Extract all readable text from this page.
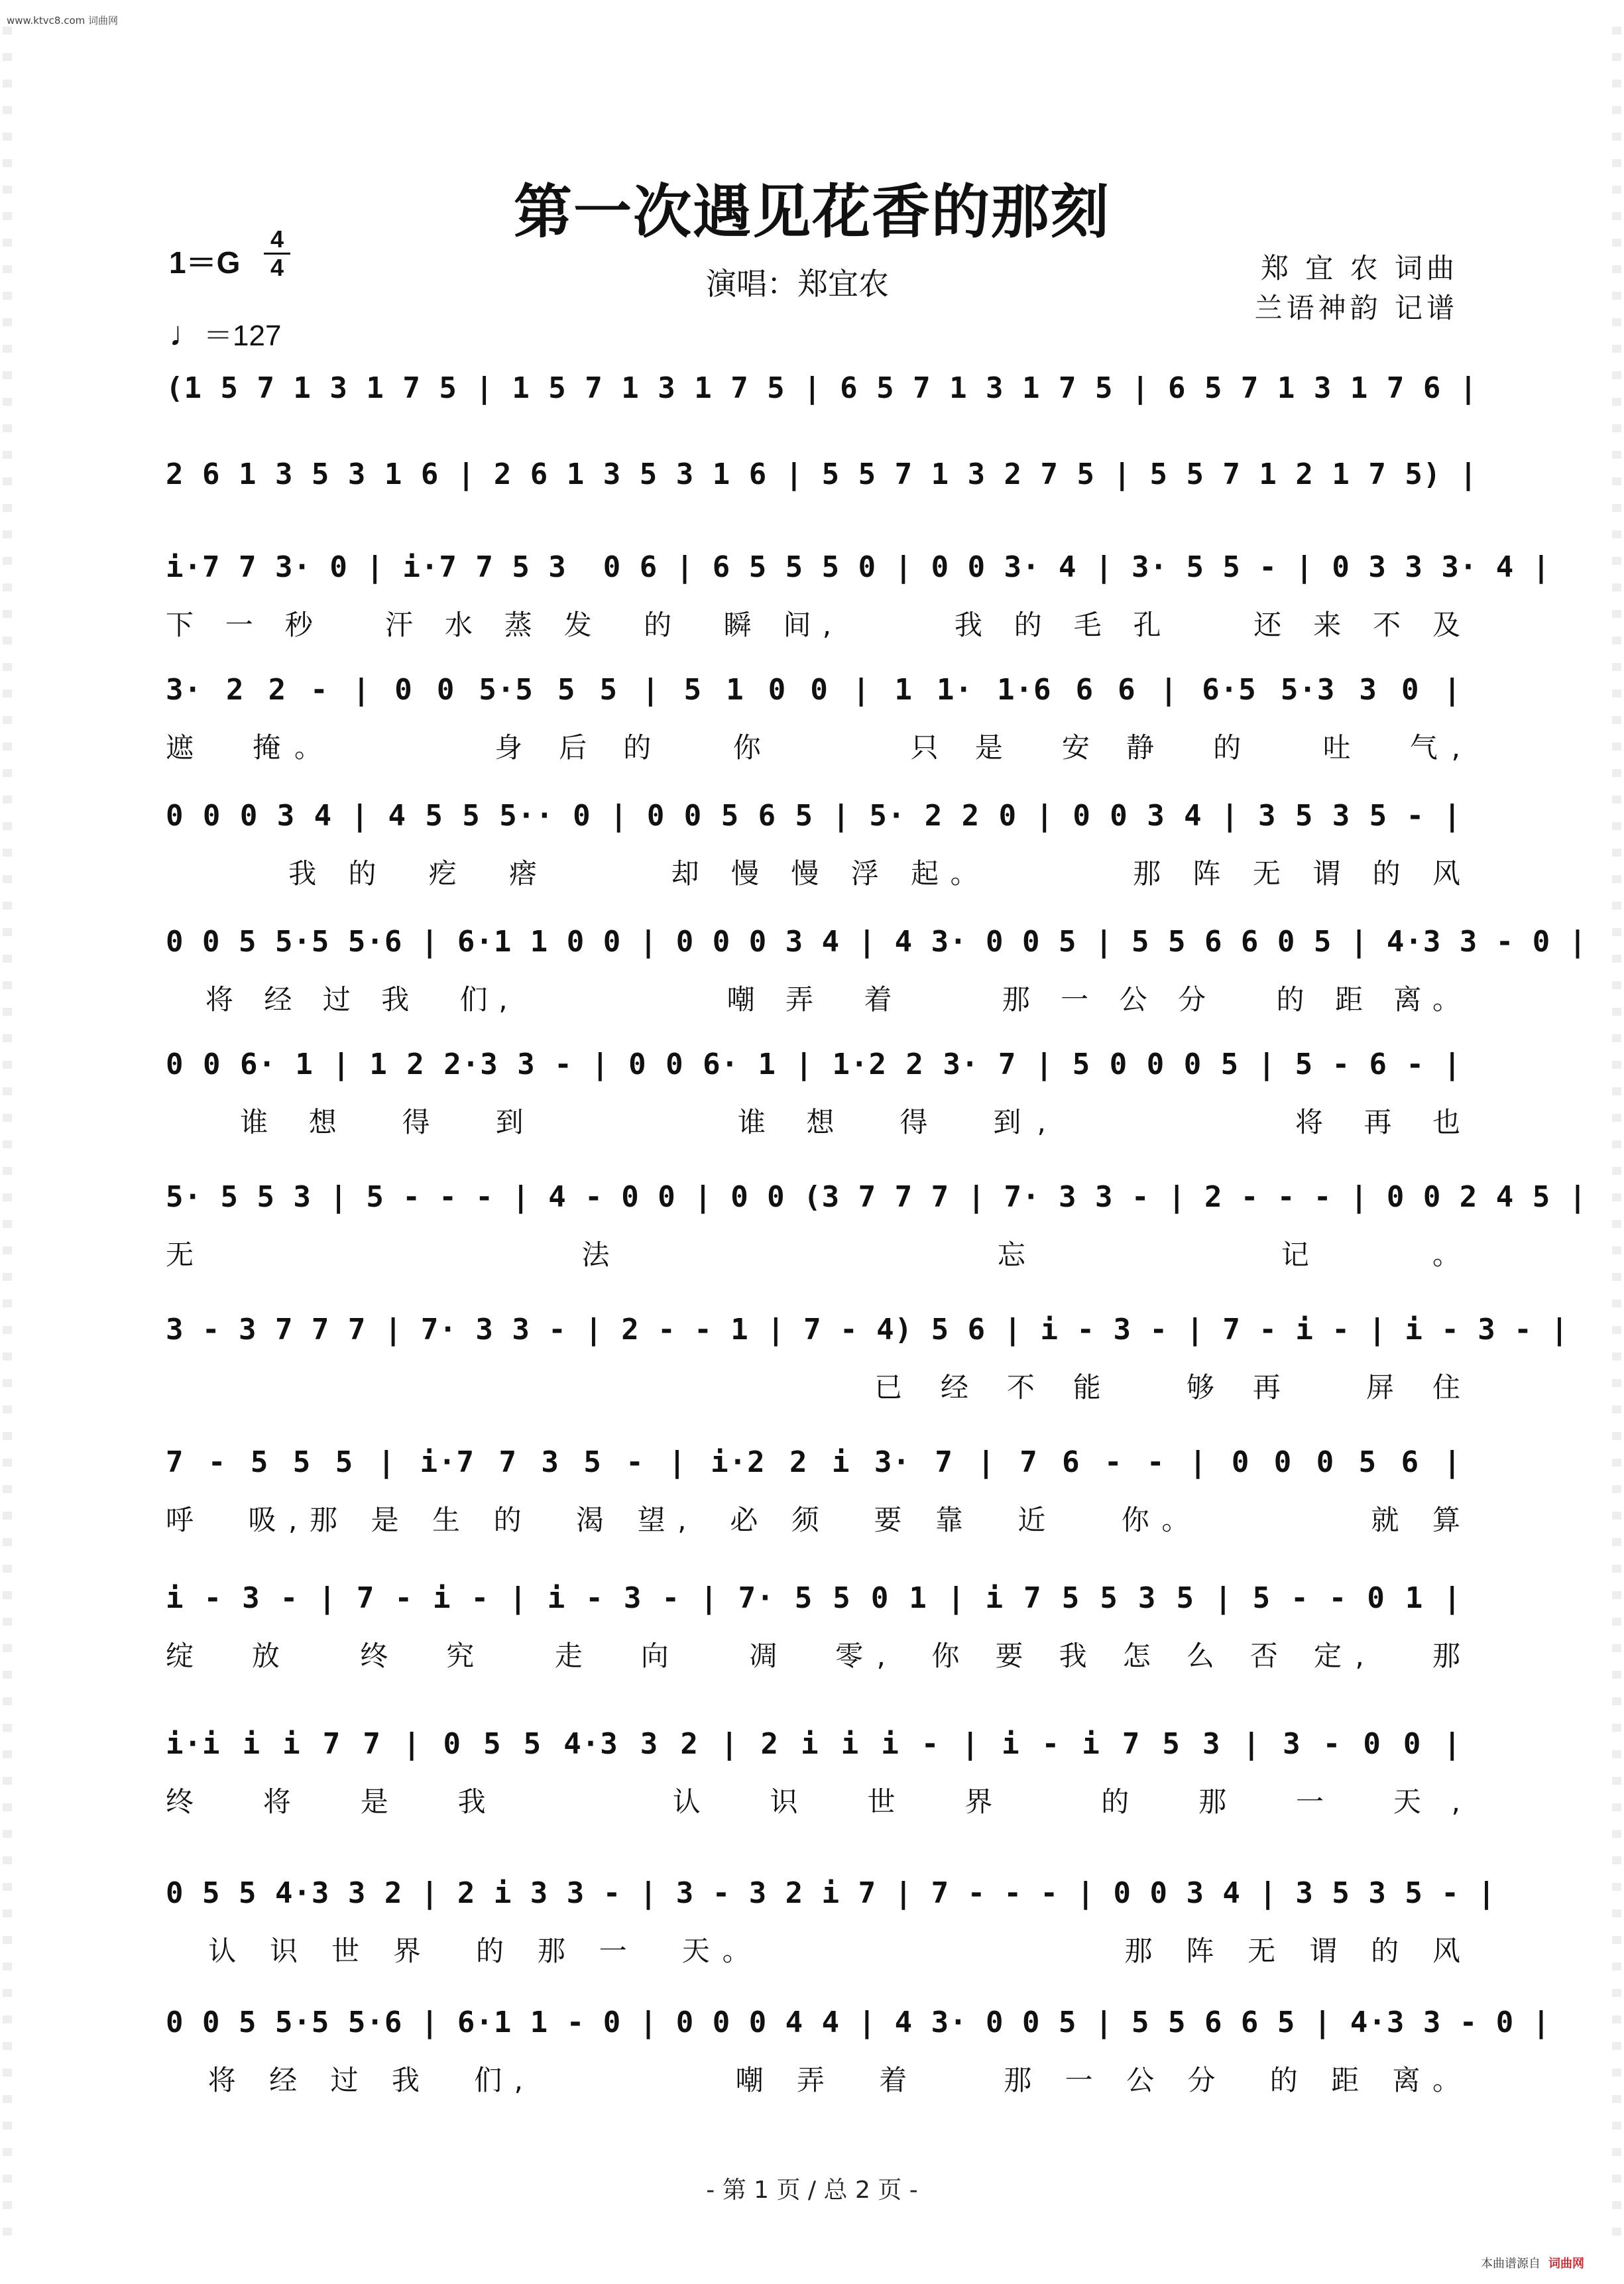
www.ktvc8.com 词曲网
第一次遇见花香的那刻
1＝G
4
4	演唱：郑宜农	郑 宜 农 词曲
兰语神韵 记谱
♩＝127
(1 5 7 1 3 1 7 5 | 1 5 7 1 3 1 7 5 | 6 5 7 1 3 1 7 5 | 6 5 7 1 3 1 7 6 |
2 6 1 3 5 3 1 6 | 2 6 1 3 5 3 1 6 | 5 5 7 1 3 2 7 5 | 5 5 7 1 2 1 7 5) |
i·7 7 3· 0 | i·7 7 5 3  0 6 | 6 5 5 5 0 | 0 0 3· 4 | 3· 5 5 - | 0 3 3 3· 4 |
下 一 秒   汗 水 蒸 发  的  瞬 间,      我 的 毛 孔    还 来 不 及
3· 2 2 - | 0 0 5·5 5 5 | 5 1 0 0 | 1 1· 1·6 6 6 | 6·5 5·3 3 0 |
遮  掩。       身 后 的   你      只 是  安 静  的   吐  气,
0 0 0 3 4 | 4 5 5 5·· 0 | 0 0 5 6 5 | 5· 2 2 0 | 0 0 3 4 | 3 5 3 5 - |
我 的  疙  瘩      却 慢 慢 浮 起。       那 阵 无 谓 的 风
0 0 5 5·5 5·6 | 6·1 1 0 0 | 0 0 0 3 4 | 4 3· 0 0 5 | 5 5 6 6 0 5 | 4·3 3 - 0 |
将 经 过 我  们,           嘲 弄  着     那 一 公 分   的 距 离。
0 0 6· 1 | 1 2 2·3 3 - | 0 0 6· 1 | 1·2 2 3· 7 | 5 0 0 0 5 | 5 - 6 - |
谁 想  得  到        谁 想  得  到,          将 再 也
5· 5 5 3 | 5 - - - | 4 - 0 0 | 0 0 (3 7 7 7 | 7· 3 3 - | 2 - - - | 0 0 2 4 5 |
无  法  忘 记。
3 - 3 7 7 7 | 7· 3 3 - | 2 - - 1 | 7 - 4) 5 6 | i - 3 - | 7 - i - | i - 3 - |
已 经 不 能   够 再   屏 住
7 - 5 5 5 | i·7 7 3 5 - | i·2 2 i 3· 7 | 7 6 - - | 0 0 0 5 6 |
呼  吸,那 是 生 的  渴 望,  必 须  要 靠  近   你。        就 算
i - 3 - | 7 - i - | i - 3 - | 7· 5 5 0 1 | i 7 5 5 3 5 | 5 - - 0 1 |
绽  放   终  究   走  向   凋  零,  你 要 我 怎 么 否 定,   那
i·i i i 7 7 | 0 5 5 4·3 3 2 | 2 i i i - | i - i 7 5 3 | 3 - 0 0 |
终 将 是 我    认 识 世 界  的 那 一 天,
0 5 5 4·3 3 2 | 2 i 3 3 - | 3 - 3 2 i 7 | 7 - - - | 0 0 3 4 | 3 5 3 5 - |
认 识 世 界  的 那 一  天。                 那 阵 无 谓 的 风
0 0 5 5·5 5·6 | 6·1 1 - 0 | 0 0 0 4 4 | 4 3· 0 0 5 | 5 5 6 6 5 | 4·3 3 - 0 |
将 经 过 我  们,          嘲 弄  着    那 一 公 分  的 距 离。
- 第 1 页 / 总 2 页 -
本曲谱源自 词曲网
